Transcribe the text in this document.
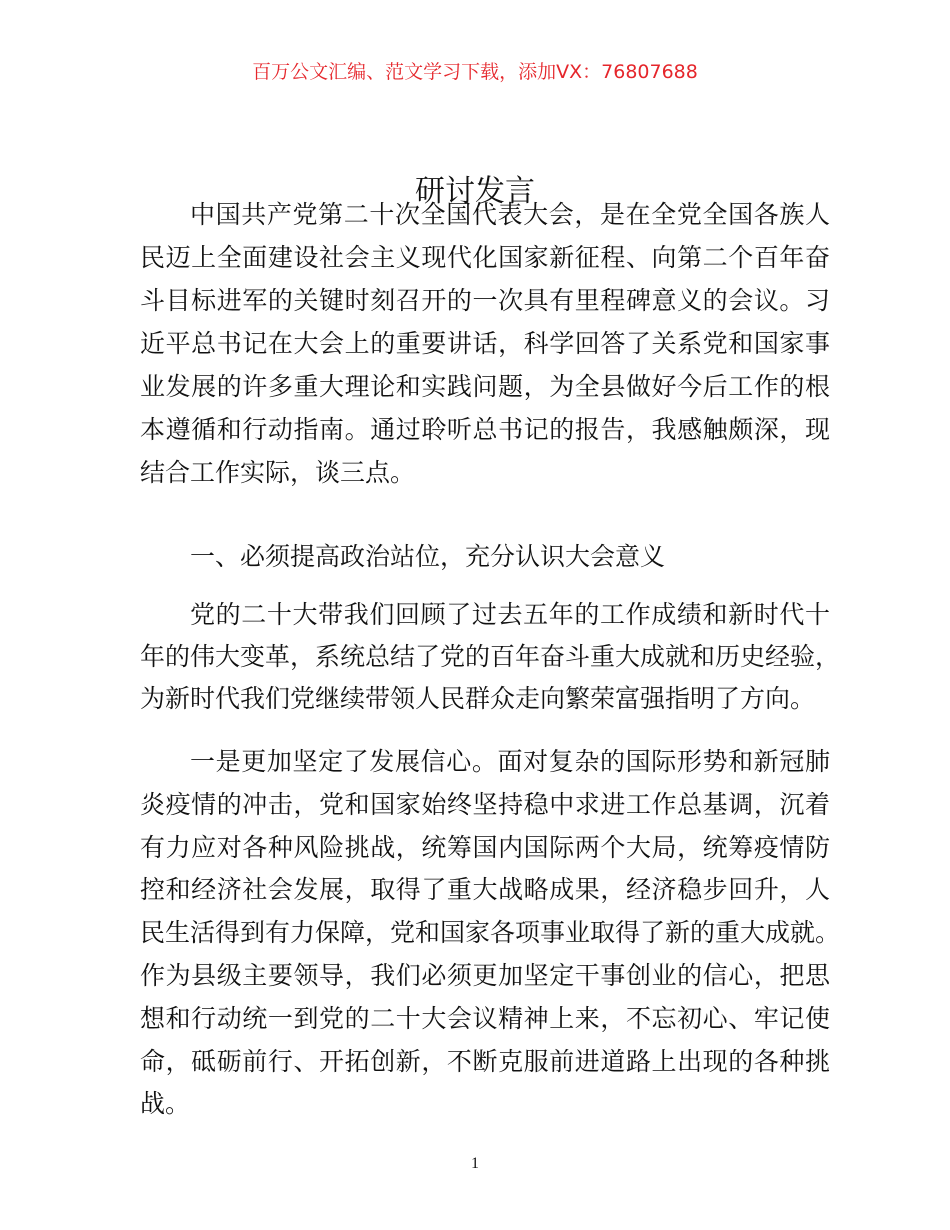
百万公文汇编、范文学习下载，添加VX：76807688
研讨发言
中国共产党第二十次全国代表大会，是在全党全国各族人
民迈上全面建设社会主义现代化国家新征程、向第二个百年奋
斗目标进军的关键时刻召开的一次具有里程碑意义的会议。习
近平总书记在大会上的重要讲话，科学回答了关系党和国家事
业发展的许多重大理论和实践问题，为全县做好今后工作的根
本遵循和行动指南。通过聆听总书记的报告，我感触颇深，现
结合工作实际，谈三点。
一、必须提高政治站位，充分认识大会意义
党的二十大带我们回顾了过去五年的工作成绩和新时代十
年的伟大变革，系统总结了党的百年奋斗重大成就和历史经验，
为新时代我们党继续带领人民群众走向繁荣富强指明了方向。
一是更加坚定了发展信心。面对复杂的国际形势和新冠肺
炎疫情的冲击，党和国家始终坚持稳中求进工作总基调，沉着
有力应对各种风险挑战，统筹国内国际两个大局，统筹疫情防
控和经济社会发展，取得了重大战略成果，经济稳步回升，人
民生活得到有力保障，党和国家各项事业取得了新的重大成就。
作为县级主要领导，我们必须更加坚定干事创业的信心，把思
想和行动统一到党的二十大会议精神上来，不忘初心、牢记使
命，砥砺前行、开拓创新，不断克服前进道路上出现的各种挑
战。
1
